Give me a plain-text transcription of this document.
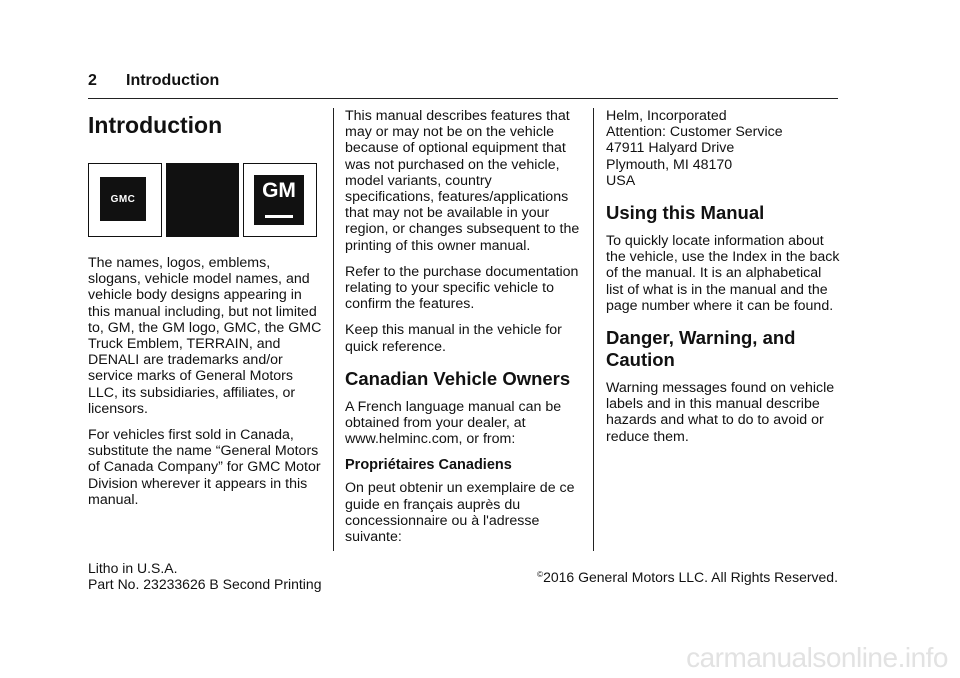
2 Introduction
Introduction
GMC	GM

The names, logos, emblems, slogans, vehicle model names, and vehicle body designs appearing in this manual including, but not limited to, GM, the GM logo, GMC, the GMC Truck Emblem, TERRAIN, and DENALI are trademarks and/or service marks of General Motors LLC, its subsidiaries, affiliates, or licensors.

For vehicles first sold in Canada, substitute the name “General Motors of Canada Company” for GMC Motor Division wherever it appears in this manual.

This manual describes features that may or may not be on the vehicle because of optional equipment that was not purchased on the vehicle, model variants, country specifications, features/applications that may not be available in your region, or changes subsequent to the printing of this owner manual.

Refer to the purchase documentation relating to your specific vehicle to confirm the features.

Keep this manual in the vehicle for quick reference.

Canadian Vehicle Owners

A French language manual can be obtained from your dealer, at www.helminc.com, or from:

Propriétaires Canadiens

On peut obtenir un exemplaire de ce guide en français auprès du concessionnaire ou à l'adresse suivante:

Helm, Incorporated
Attention: Customer Service
47911 Halyard Drive
Plymouth, MI 48170
USA
Using this Manual

To quickly locate information about the vehicle, use the Index in the back of the manual. It is an alphabetical list of what is in the manual and the page number where it can be found.

Danger, Warning, and Caution

Warning messages found on vehicle labels and in this manual describe hazards and what to do to avoid or reduce them.

Litho in U.S.A.
Part No. 23233626 B Second Printing
©2016 General Motors LLC. All Rights Reserved.
carmanualsonline.info
